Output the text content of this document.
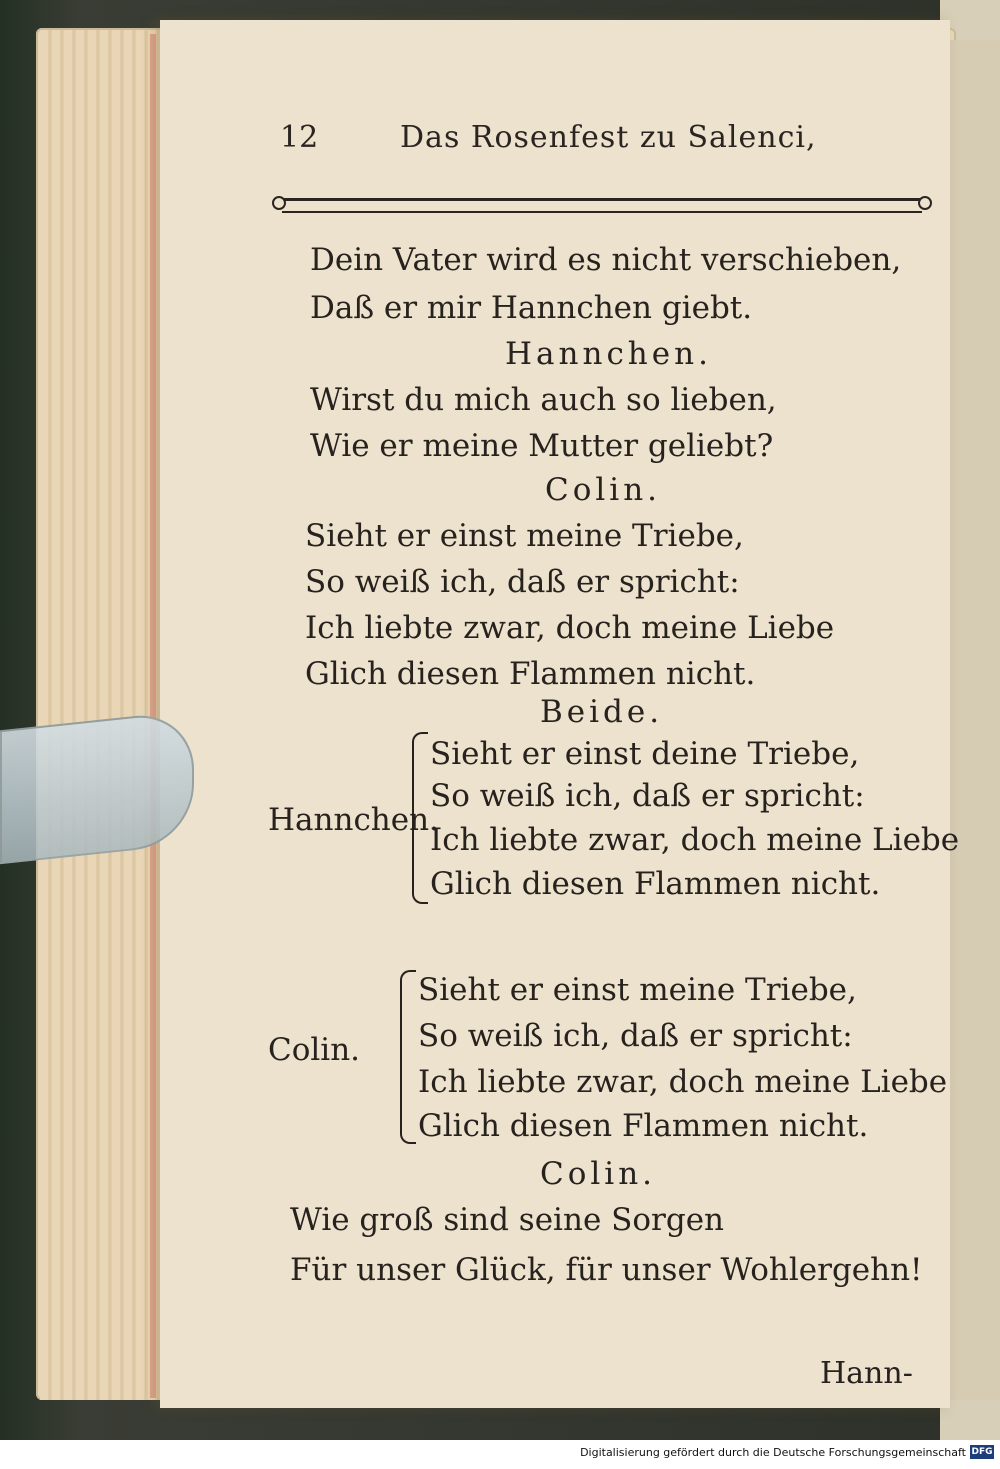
12	Das Rosenfest zu Salenci,
Dein Vater wird es nicht verschieben,
Daß er mir Hannchen giebt.
Hannchen.
Wirst du mich auch so lieben,
Wie er meine Mutter geliebt?
Colin.
Sieht er einst meine Triebe,
So weiß ich, daß er spricht:
Ich liebte zwar, doch meine Liebe
Glich diesen Flammen nicht.
Beide.
Hannchen.
Sieht er einst deine Triebe,
So weiß ich, daß er spricht:
Ich liebte zwar, doch meine Liebe
Glich diesen Flammen nicht.
Colin.
Sieht er einst meine Triebe,
So weiß ich, daß er spricht:
Ich liebte zwar, doch meine Liebe
Glich diesen Flammen nicht.
Colin.
Wie groß sind seine Sorgen
Für unser Glück, für unser Wohlergehn!
Hann-
Digitalisierung gefördert durch die Deutsche Forschungsgemeinschaft DFG
